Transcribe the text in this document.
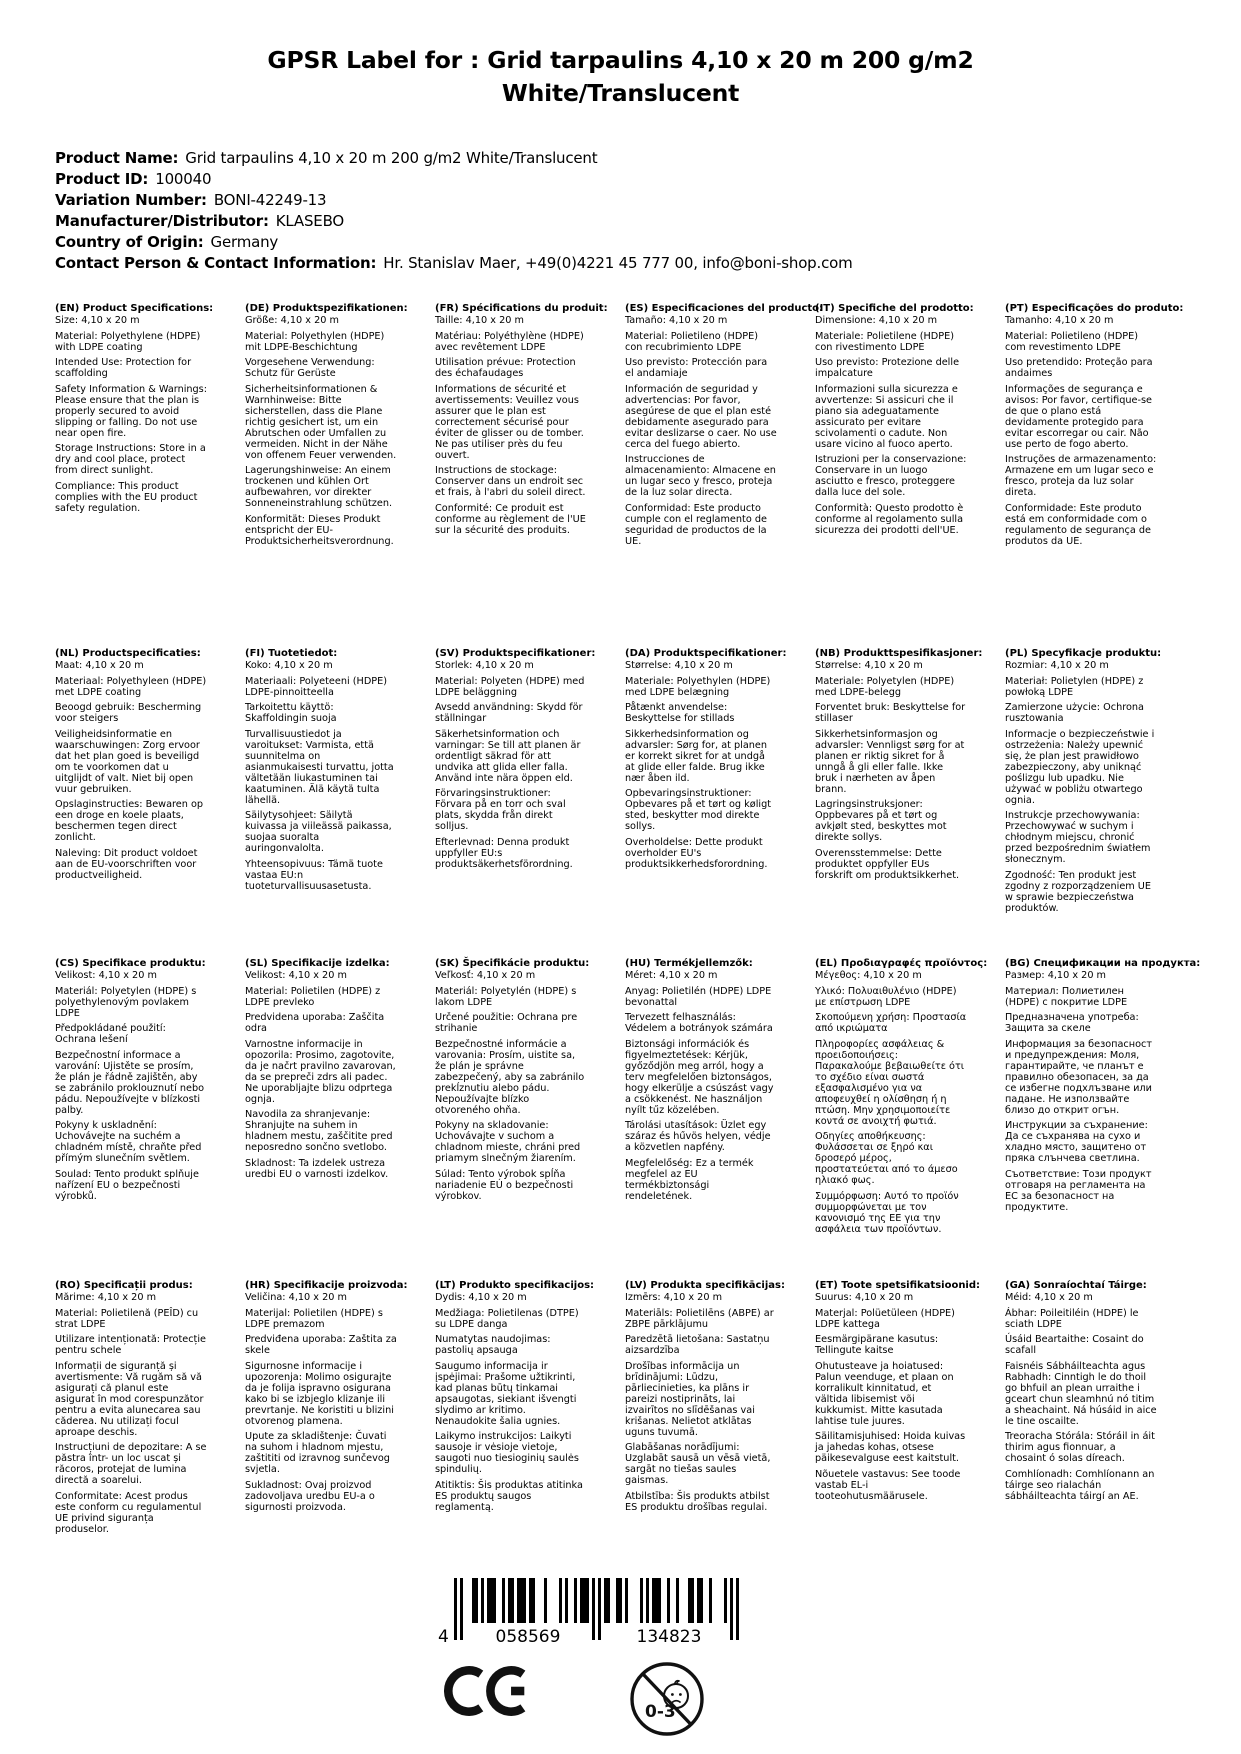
GPSR Label for : Grid tarpaulins 4,10 x 20 m 200 g/m2
White/Translucent
Product Name: Grid tarpaulins 4,10 x 20 m 200 g/m2 White/Translucent
Product ID: 100040
Variation Number: BONI-42249-13
Manufacturer/Distributor: KLASEBO
Country of Origin: Germany
Contact Person & Contact Information: Hr. Stanislav Maer, +49(0)4221 45 777 00, info@boni-shop.com
(EN) Product Specifications:

Size: 4,10 x 20 m

Material: Polyethylene (HDPE) with LDPE coating

Intended Use: Protection for scaffolding

Safety Information & Warnings: Please ensure that the plan is properly secured to avoid slipping or falling. Do not use near open fire.

Storage Instructions: Store in a dry and cool place, protect from direct sunlight.

Compliance: This product complies with the EU product safety regulation.

(DE) Produktspezifikationen:

Größe: 4,10 x 20 m

Material: Polyethylen (HDPE) mit LDPE-Beschichtung

Vorgesehene Verwendung: Schutz für Gerüste

Sicherheitsinformationen & Warnhinweise: Bitte sicherstellen, dass die Plane richtig gesichert ist, um ein Abrutschen oder Umfallen zu vermeiden. Nicht in der Nähe von offenem Feuer verwenden.

Lagerungshinweise: An einem trockenen und kühlen Ort aufbewahren, vor direkter Sonneneinstrahlung schützen.

Konformität: Dieses Produkt entspricht der EU-Produktsicherheitsverordnung.

(FR) Spécifications du produit:

Taille: 4,10 x 20 m

Matériau: Polyéthylène (HDPE) avec revêtement LDPE

Utilisation prévue: Protection des échafaudages

Informations de sécurité et avertissements: Veuillez vous assurer que le plan est correctement sécurisé pour éviter de glisser ou de tomber. Ne pas utiliser près du feu ouvert.

Instructions de stockage: Conserver dans un endroit sec et frais, à l'abri du soleil direct.

Conformité: Ce produit est conforme au règlement de l'UE sur la sécurité des produits.

(ES) Especificaciones del producto:

Tamaño: 4,10 x 20 m

Material: Polietileno (HDPE) con recubrimiento LDPE

Uso previsto: Protección para el andamiaje

Información de seguridad y advertencias: Por favor, asegúrese de que el plan esté debidamente asegurado para evitar deslizarse o caer. No use cerca del fuego abierto.

Instrucciones de almacenamiento: Almacene en un lugar seco y fresco, proteja de la luz solar directa.

Conformidad: Este producto cumple con el reglamento de seguridad de productos de la UE.

(IT) Specifiche del prodotto:

Dimensione: 4,10 x 20 m

Materiale: Polietilene (HDPE) con rivestimento LDPE

Uso previsto: Protezione delle impalcature

Informazioni sulla sicurezza e avvertenze: Si assicuri che il piano sia adeguatamente assicurato per evitare scivolamenti o cadute. Non usare vicino al fuoco aperto.

Istruzioni per la conservazione: Conservare in un luogo asciutto e fresco, proteggere dalla luce del sole.

Conformità: Questo prodotto è conforme al regolamento sulla sicurezza dei prodotti dell'UE.

(PT) Especificações do produto:

Tamanho: 4,10 x 20 m

Material: Polietileno (HDPE) com revestimento LDPE

Uso pretendido: Proteção para andaimes

Informações de segurança e avisos: Por favor, certifique-se de que o plano está devidamente protegido para evitar escorregar ou cair. Não use perto de fogo aberto.

Instruções de armazenamento: Armazene em um lugar seco e fresco, proteja da luz solar direta.

Conformidade: Este produto está em conformidade com o regulamento de segurança de produtos da UE.

(NL) Productspecificaties:

Maat: 4,10 x 20 m

Materiaal: Polyethyleen (HDPE) met LDPE coating

Beoogd gebruik: Bescherming voor steigers

Veiligheidsinformatie en waarschuwingen: Zorg ervoor dat het plan goed is beveiligd om te voorkomen dat u uitglijdt of valt. Niet bij open vuur gebruiken.

Opslaginstructies: Bewaren op een droge en koele plaats, beschermen tegen direct zonlicht.

Naleving: Dit product voldoet aan de EU-voorschriften voor productveiligheid.

(FI) Tuotetiedot:

Koko: 4,10 x 20 m

Materiaali: Polyeteeni (HDPE) LDPE-pinnoitteella

Tarkoitettu käyttö: Skaffoldingin suoja

Turvallisuustiedot ja varoitukset: Varmista, että suunnitelma on asianmukaisesti turvattu, jotta vältetään liukastuminen tai kaatuminen. Älä käytä tulta lähellä.

Säilytysohjeet: Säilytä kuivassa ja viileässä paikassa, suojaa suoralta auringonvalolta.

Yhteensopivuus: Tämä tuote vastaa EU:n tuoteturvallisuusasetusta.

(SV) Produktspecifikationer:

Storlek: 4,10 x 20 m

Material: Polyeten (HDPE) med LDPE beläggning

Avsedd användning: Skydd för ställningar

Säkerhetsinformation och varningar: Se till att planen är ordentligt säkrad för att undvika att glida eller falla. Använd inte nära öppen eld.

Förvaringsinstruktioner: Förvara på en torr och sval plats, skydda från direkt solljus.

Efterlevnad: Denna produkt uppfyller EU:s produktsäkerhetsförordning.

(DA) Produktspecifikationer:

Størrelse: 4,10 x 20 m

Materiale: Polyethylen (HDPE) med LDPE belægning

Påtænkt anvendelse: Beskyttelse for stillads

Sikkerhedsinformation og advarsler: Sørg for, at planen er korrekt sikret for at undgå at glide eller falde. Brug ikke nær åben ild.

Opbevaringsinstruktioner: Opbevares på et tørt og køligt sted, beskytter mod direkte sollys.

Overholdelse: Dette produkt overholder EU's produktsikkerhedsforordning.

(NB) Produkttspesifikasjoner:

Størrelse: 4,10 x 20 m

Materiale: Polyetylen (HDPE) med LDPE-belegg

Forventet bruk: Beskyttelse for stillaser

Sikkerhetsinformasjon og advarsler: Vennligst sørg for at planen er riktig sikret for å unngå å gli eller falle. Ikke bruk i nærheten av åpen brann.

Lagringsinstruksjoner: Oppbevares på et tørt og avkjølt sted, beskyttes mot direkte sollys.

Overensstemmelse: Dette produktet oppfyller EUs forskrift om produktsikkerhet.

(PL) Specyfikacje produktu:

Rozmiar: 4,10 x 20 m

Materiał: Polietylen (HDPE) z powłoką LDPE

Zamierzone użycie: Ochrona rusztowania

Informacje o bezpieczeństwie i ostrzeżenia: Należy upewnić się, że plan jest prawidłowo zabezpieczony, aby uniknąć poślizgu lub upadku. Nie używać w pobliżu otwartego ognia.

Instrukcje przechowywania: Przechowywać w suchym i chłodnym miejscu, chronić przed bezpośrednim światłem słonecznym.

Zgodność: Ten produkt jest zgodny z rozporządzeniem UE w sprawie bezpieczeństwa produktów.

(CS) Specifikace produktu:

Velikost: 4,10 x 20 m

Materiál: Polyetylen (HDPE) s polyethylenovým povlakem LDPE

Předpokládané použití: Ochrana lešení

Bezpečnostní informace a varování: Ujistěte se prosím, že plán je řádně zajištěn, aby se zabránilo proklouznutí nebo pádu. Nepoužívejte v blízkosti palby.

Pokyny k uskladnění: Uchovávejte na suchém a chladném místě, chraňte před přímým slunečním světlem.

Soulad: Tento produkt splňuje nařízení EU o bezpečnosti výrobků.

(SL) Specifikacije izdelka:

Velikost: 4,10 x 20 m

Material: Polietilen (HDPE) z LDPE prevleko

Predvidena uporaba: Zaščita odra

Varnostne informacije in opozorila: Prosimo, zagotovite, da je načrt pravilno zavarovan, da se prepreči zdrs ali padec. Ne uporabljajte blizu odprtega ognja.

Navodila za shranjevanje: Shranjujte na suhem in hladnem mestu, zaščitite pred neposredno sončno svetlobo.

Skladnost: Ta izdelek ustreza uredbi EU o varnosti izdelkov.

(SK) Špecifikácie produktu:

Veľkosť: 4,10 x 20 m

Materiál: Polyetylén (HDPE) s lakom LDPE

Určené použitie: Ochrana pre strihanie

Bezpečnostné informácie a varovania: Prosím, uistite sa, že plán je správne zabezpečený, aby sa zabránilo prekĺznutiu alebo pádu. Nepoužívajte blízko otvoreného ohňa.

Pokyny na skladovanie: Uchovávajte v suchom a chladnom mieste, chráni pred priamym slnečným žiarením.

Súlad: Tento výrobok spĺňa nariadenie EÚ o bezpečnosti výrobkov.

(HU) Termékjellemzők:

Méret: 4,10 x 20 m

Anyag: Polietilén (HDPE) LDPE bevonattal

Tervezett felhasználás: Védelem a botrányok számára

Biztonsági információk és figyelmeztetések: Kérjük, győződjön meg arról, hogy a terv megfelelően biztonságos, hogy elkerülje a csúszást vagy a csökkenést. Ne használjon nyílt tűz közelében.

Tárolási utasítások: Üzlet egy száraz és hűvös helyen, védje a közvetlen napfény.

Megfelelőség: Ez a termék megfelel az EU termékbiztonsági rendeletének.

(EL) Προδιαγραφές προϊόντος:

Μέγεθος: 4,10 x 20 m

Υλικό: Πολυαιθυλένιο (HDPE) με επίστρωση LDPE

Σκοπούμενη χρήση: Προστασία από ικριώματα

Πληροφορίες ασφάλειας & προειδοποιήσεις: Παρακαλούμε βεβαιωθείτε ότι το σχέδιο είναι σωστά εξασφαλισμένο για να αποφευχθεί η ολίσθηση ή η πτώση. Μην χρησιμοποιείτε κοντά σε ανοιχτή φωτιά.

Οδηγίες αποθήκευσης: Φυλάσσεται σε ξηρό και δροσερό μέρος, προστατεύεται από το άμεσο ηλιακό φως.

Συμμόρφωση: Αυτό το προϊόν συμμορφώνεται με τον κανονισμό της ΕΕ για την ασφάλεια των προϊόντων.

(BG) Спецификации на продукта:

Размер: 4,10 x 20 m

Материал: Полиетилен (HDPE) с покритие LDPE

Предназначена употреба: Защита за скеле

Информация за безопасност и предупреждения: Моля, гарантирайте, че планът е правилно обезопасен, за да се избегне подхлъзване или падане. Не използвайте близо до открит огън.

Инструкции за съхранение: Да се съхранява на сухо и хладно място, защитено от пряка слънчева светлина.

Съответствие: Този продукт отговаря на регламента на ЕС за безопасност на продуктите.

(RO) Specificații produs:

Mărime: 4,10 x 20 m

Material: Polietilenă (PEÎD) cu strat LDPE

Utilizare intenționată: Protecție pentru schele

Informații de siguranță și avertismente: Vă rugăm să vă asigurați că planul este asigurat în mod corespunzător pentru a evita alunecarea sau căderea. Nu utilizați focul aproape deschis.

Instrucțiuni de depozitare: A se păstra într- un loc uscat și răcoros, protejat de lumina directă a soarelui.

Conformitate: Acest produs este conform cu regulamentul UE privind siguranța produselor.

(HR) Specifikacije proizvoda:

Veličina: 4,10 x 20 m

Materijal: Polietilen (HDPE) s LDPE premazom

Predviđena uporaba: Zaštita za skele

Sigurnosne informacije i upozorenja: Molimo osigurajte da je folija ispravno osigurana kako bi se izbjeglo klizanje ili prevrtanje. Ne koristiti u blizini otvorenog plamena.

Upute za skladištenje: Čuvati na suhom i hladnom mjestu, zaštititi od izravnog sunčevog svjetla.

Sukladnost: Ovaj proizvod zadovoljava uredbu EU-a o sigurnosti proizvoda.

(LT) Produkto specifikacijos:

Dydis: 4,10 x 20 m

Medžiaga: Polietilenas (DTPE) su LDPE danga

Numatytas naudojimas: pastolių apsauga

Saugumo informacija ir įspėjimai: Prašome užtikrinti, kad planas būtų tinkamai apsaugotas, siekiant išvengti slydimo ar kritimo. Nenaudokite šalia ugnies.

Laikymo instrukcijos: Laikyti sausoje ir vėsioje vietoje, saugoti nuo tiesioginių saulės spindulių.

Atitiktis: Šis produktas atitinka ES produktų saugos reglamentą.

(LV) Produkta specifikācijas:

Izmērs: 4,10 x 20 m

Materiāls: Polietilēns (ABPE) ar ZBPE pārklājumu

Paredzētā lietošana: Sastatņu aizsardzība

Drošības informācija un brīdinājumi: Lūdzu, pārliecinieties, ka plāns ir pareizi nostiprināts, lai izvairītos no slīdēšanas vai krišanas. Nelietot atklātas uguns tuvumā.

Glabāšanas norādījumi: Uzglabāt sausā un vēsā vietā, sargāt no tiešas saules gaismas.

Atbilstība: Šis produkts atbilst ES produktu drošības regulai.

(ET) Toote spetsifikatsioonid:

Suurus: 4,10 x 20 m

Materjal: Polüetüleen (HDPE) LDPE kattega

Eesmärgipärane kasutus: Tellingute kaitse

Ohutusteave ja hoiatused: Palun veenduge, et plaan on korralikult kinnitatud, et vältida libisemist või kukkumist. Mitte kasutada lahtise tule juures.

Säilitamisjuhised: Hoida kuivas ja jahedas kohas, otsese päikesevalguse eest kaitstult.

Nõuetele vastavus: See toode vastab EL-i tooteohutusmäärusele.

(GA) Sonraíochtaí Táirge:

Méid: 4,10 x 20 m

Ábhar: Poileitiléin (HDPE) le sciath LDPE

Úsáid Beartaithe: Cosaint do scafall

Faisnéis Sábháilteachta agus Rabhadh: Cinntigh le do thoil go bhfuil an plean urraithe i gceart chun sleamhnú nó titim a sheachaint. Ná húsáid in aice le tine oscailte.

Treoracha Stórála: Stóráil in áit thirim agus fionnuar, a chosaint ó solas díreach.

Comhlíonadh: Comhlíonann an táirge seo rialachán sábháilteachta táirgí an AE.

4	058569	134823
0-3
